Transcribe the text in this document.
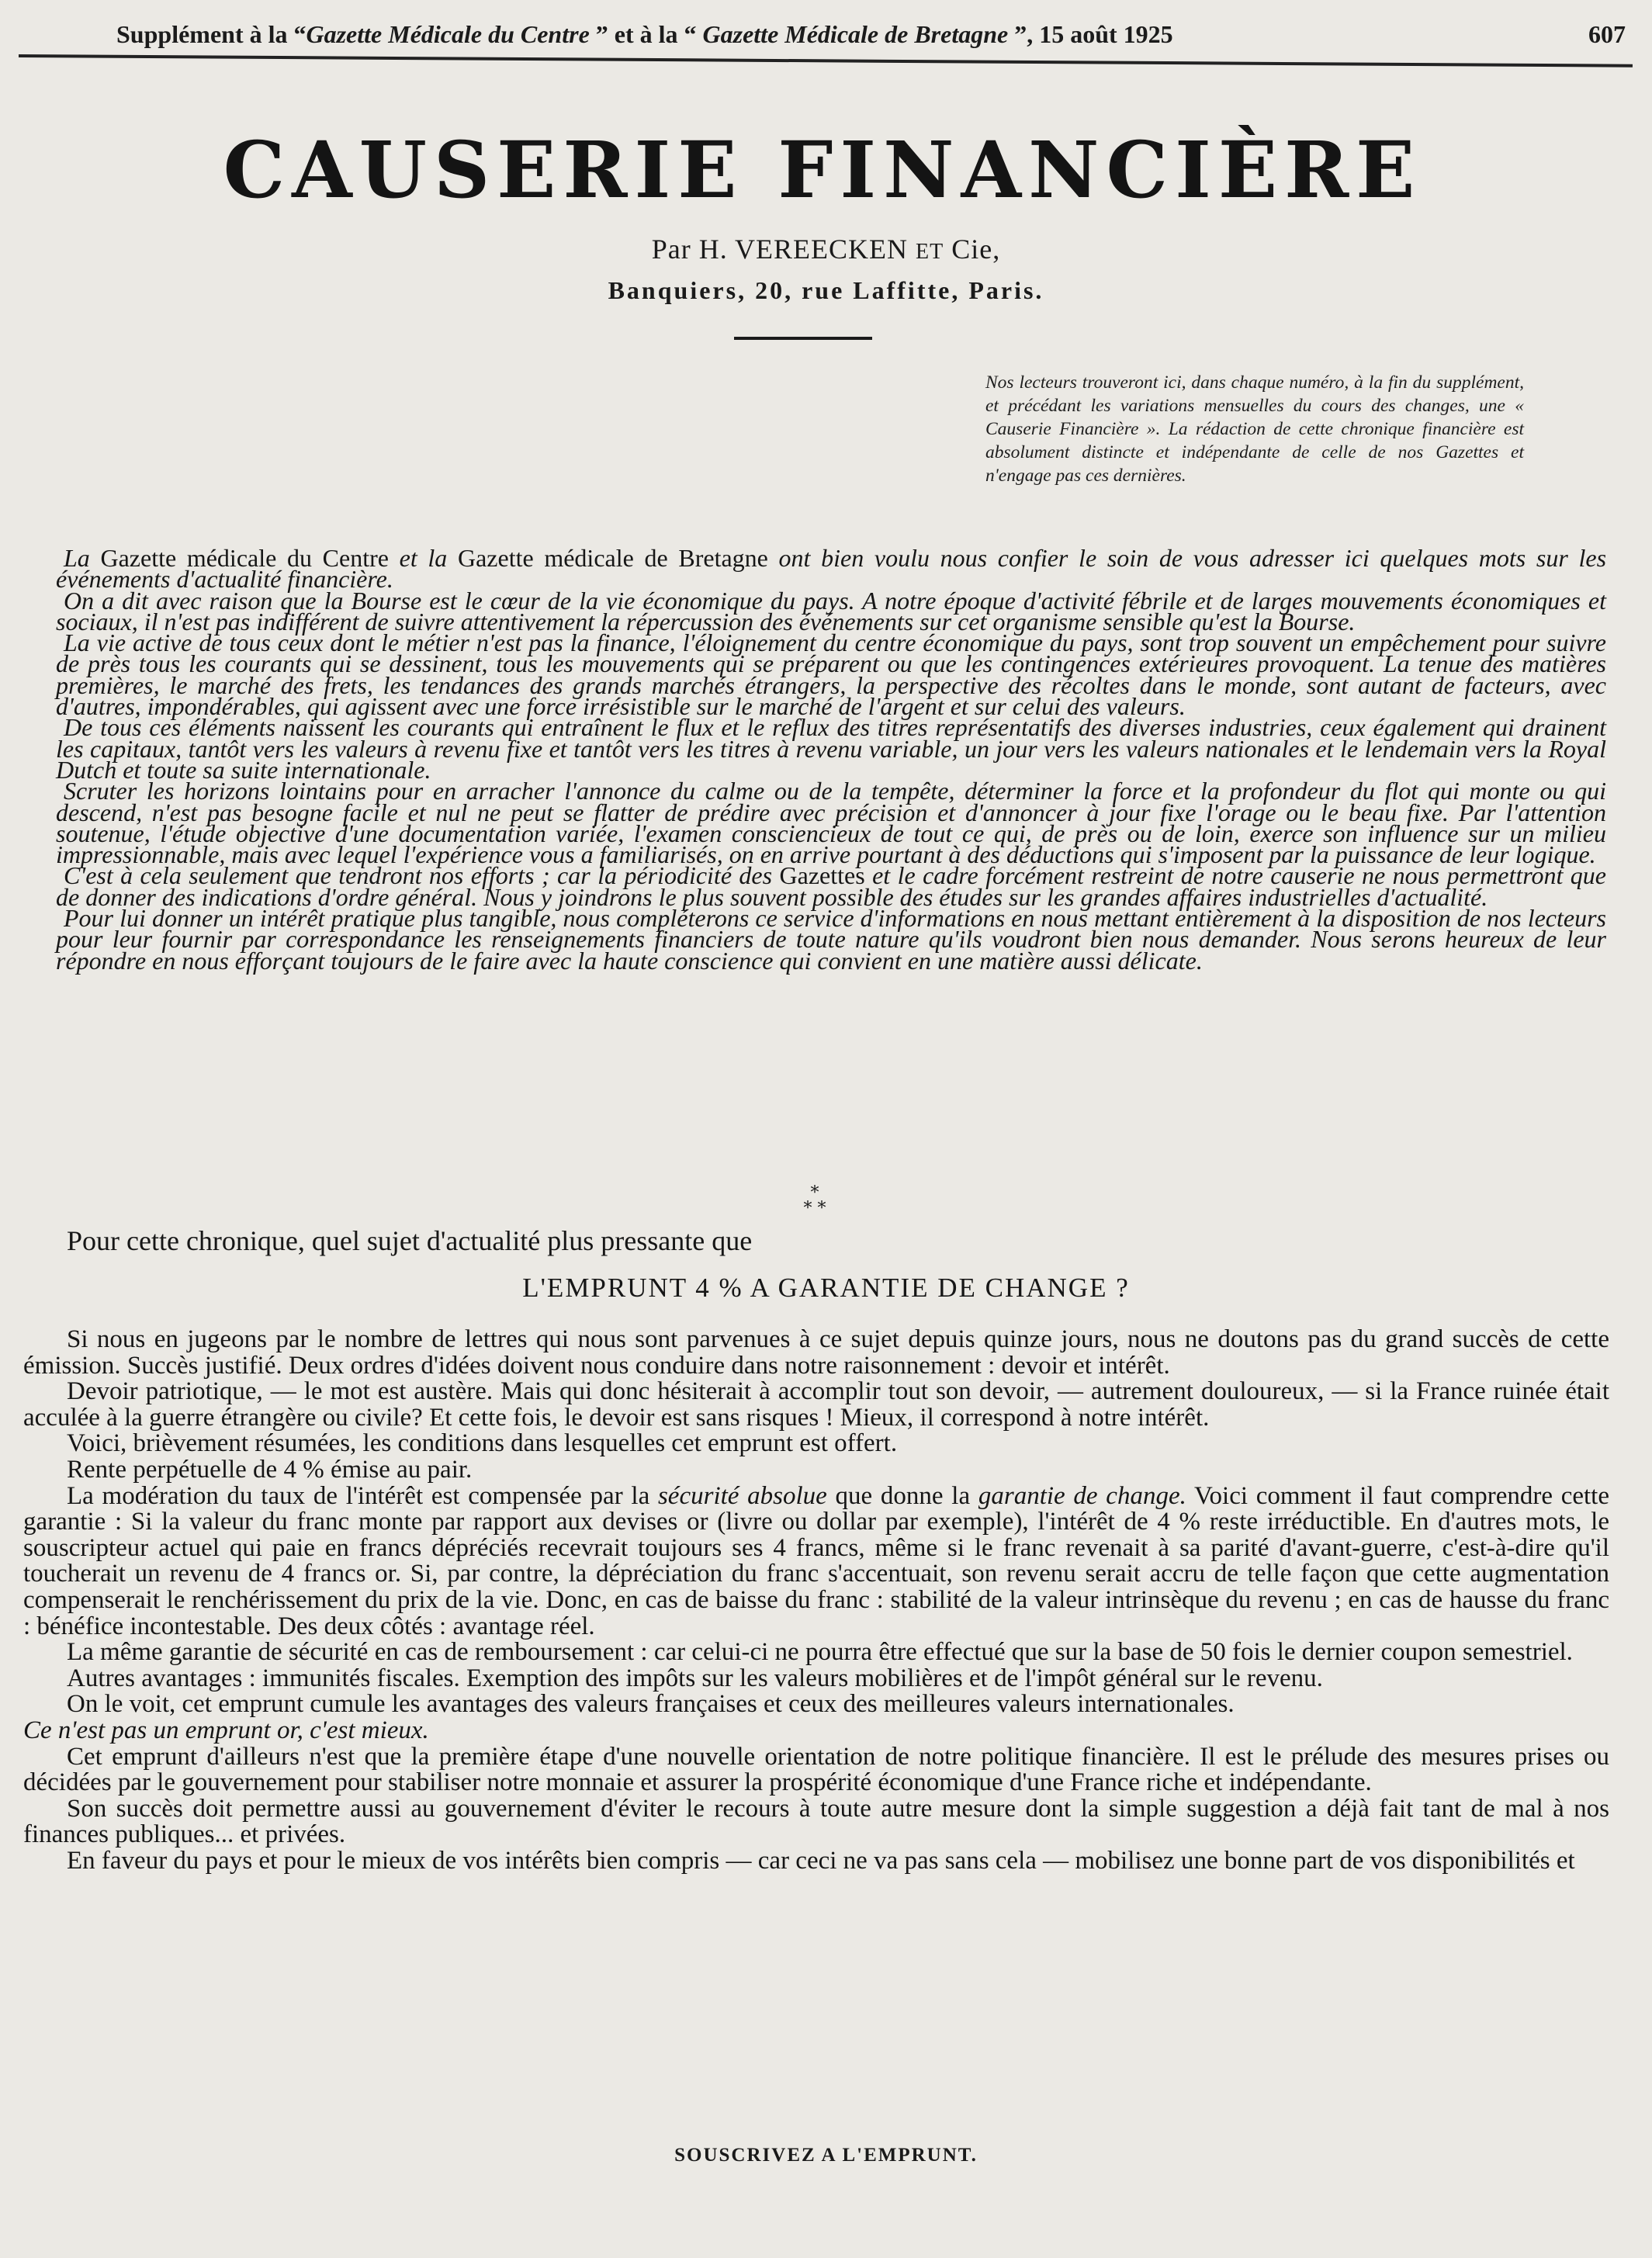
Supplément à la “Gazette Médicale du Centre ” et à la “ Gazette Médicale de Bretagne ”, 15 août 1925	607
CAUSERIE FINANCIÈRE
Par H. VEREECKEN ET Cie,
Banquiers, 20, rue Laffitte, Paris.
Nos lecteurs trouveront ici, dans chaque numéro, à la fin du supplément, et précédant les variations mensuelles du cours des changes, une « Causerie Financière ». La rédaction de cette chronique financière est absolument distincte et indépendante de celle de nos Gazettes et n'engage pas ces dernières.

La Gazette médicale du Centre et la Gazette médicale de Bretagne ont bien voulu nous confier le soin de vous adresser ici quelques mots sur les événements d'actualité financière.

On a dit avec raison que la Bourse est le cœur de la vie économique du pays. A notre époque d'activité fébrile et de larges mouvements économiques et sociaux, il n'est pas indifférent de suivre attentivement la répercussion des événements sur cet organisme sensible qu'est la Bourse.

La vie active de tous ceux dont le métier n'est pas la finance, l'éloignement du centre économique du pays, sont trop souvent un empêchement pour suivre de près tous les courants qui se dessinent, tous les mouvements qui se préparent ou que les contingences extérieures provoquent. La tenue des matières premières, le marché des frets, les tendances des grands marchés étrangers, la perspective des récoltes dans le monde, sont autant de facteurs, avec d'autres, impondérables, qui agissent avec une force irrésistible sur le marché de l'argent et sur celui des valeurs.

De tous ces éléments naissent les courants qui entraînent le flux et le reflux des titres représentatifs des diverses industries, ceux également qui drainent les capitaux, tantôt vers les valeurs à revenu fixe et tantôt vers les titres à revenu variable, un jour vers les valeurs nationales et le lendemain vers la Royal Dutch et toute sa suite internationale.

Scruter les horizons lointains pour en arracher l'annonce du calme ou de la tempête, déterminer la force et la profondeur du flot qui monte ou qui descend, n'est pas besogne facile et nul ne peut se flatter de prédire avec précision et d'annoncer à jour fixe l'orage ou le beau fixe. Par l'attention soutenue, l'étude objective d'une documentation variée, l'examen consciencieux de tout ce qui, de près ou de loin, exerce son influence sur un milieu impressionnable, mais avec lequel l'expérience vous a familiarisés, on en arrive pourtant à des déductions qui s'imposent par la puissance de leur logique.

C'est à cela seulement que tendront nos efforts ; car la périodicité des Gazettes et le cadre forcément restreint de notre causerie ne nous permettront que de donner des indications d'ordre général. Nous y joindrons le plus souvent possible des études sur les grandes affaires industrielles d'actualité.

Pour lui donner un intérêt pratique plus tangible, nous compléterons ce service d'informations en nous mettant entièrement à la disposition de nos lecteurs pour leur fournir par correspondance les renseignements financiers de toute nature qu'ils voudront bien nous demander. Nous serons heureux de leur répondre en nous efforçant toujours de le faire avec la haute conscience qui convient en une matière aussi délicate.

*
* *
Pour cette chronique, quel sujet d'actualité plus pressante que
L'EMPRUNT 4 % A GARANTIE DE CHANGE ?

Si nous en jugeons par le nombre de lettres qui nous sont parvenues à ce sujet depuis quinze jours, nous ne doutons pas du grand succès de cette émission. Succès justifié. Deux ordres d'idées doivent nous conduire dans notre raisonnement : devoir et intérêt.

Devoir patriotique, — le mot est austère. Mais qui donc hésiterait à accomplir tout son devoir, — autrement douloureux, — si la France ruinée était acculée à la guerre étrangère ou civile? Et cette fois, le devoir est sans risques ! Mieux, il correspond à notre intérêt.

Voici, brièvement résumées, les conditions dans lesquelles cet emprunt est offert.

Rente perpétuelle de 4 % émise au pair.

La modération du taux de l'intérêt est compensée par la sécurité absolue que donne la garantie de change. Voici comment il faut comprendre cette garantie : Si la valeur du franc monte par rapport aux devises or (livre ou dollar par exemple), l'intérêt de 4 % reste irréductible. En d'autres mots, le souscripteur actuel qui paie en francs dépréciés recevrait toujours ses 4 francs, même si le franc revenait à sa parité d'avant-guerre, c'est-à-dire qu'il toucherait un revenu de 4 francs or. Si, par contre, la dépréciation du franc s'accentuait, son revenu serait accru de telle façon que cette augmentation compenserait le renchérissement du prix de la vie. Donc, en cas de baisse du franc : stabilité de la valeur intrinsèque du revenu ; en cas de hausse du franc : bénéfice incontestable. Des deux côtés : avantage réel.

La même garantie de sécurité en cas de remboursement : car celui-ci ne pourra être effectué que sur la base de 50 fois le dernier coupon semestriel.

Autres avantages : immunités fiscales. Exemption des impôts sur les valeurs mobilières et de l'impôt général sur le revenu.

On le voit, cet emprunt cumule les avantages des valeurs françaises et ceux des meilleures valeurs internationales.

Ce n'est pas un emprunt or, c'est mieux.

Cet emprunt d'ailleurs n'est que la première étape d'une nouvelle orientation de notre politique financière. Il est le prélude des mesures prises ou décidées par le gouvernement pour stabiliser notre monnaie et assurer la prospérité économique d'une France riche et indépendante.

Son succès doit permettre aussi au gouvernement d'éviter le recours à toute autre mesure dont la simple suggestion a déjà fait tant de mal à nos finances publiques... et privées.

En faveur du pays et pour le mieux de vos intérêts bien compris — car ceci ne va pas sans cela — mobilisez une bonne part de vos disponibilités et

SOUSCRIVEZ A L'EMPRUNT.
